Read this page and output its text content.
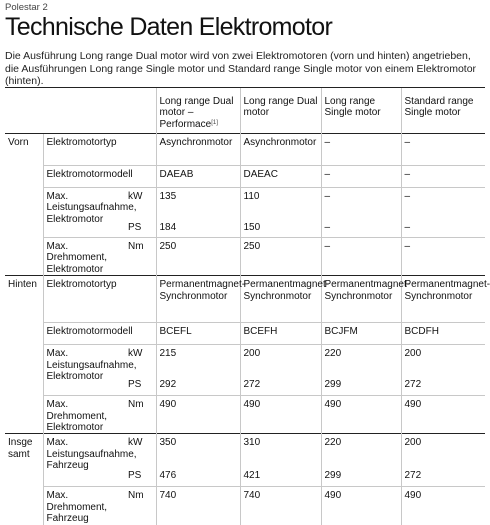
Polestar 2
Technische Daten Elektromotor

Die Ausführung Long range Dual motor wird von zwei Elektromotoren (vorn und hinten) angetrieben, die Ausführungen Long range Single motor und Standard range Single motor von einem Elektromotor (hinten).

			Long range Dual motor – Performace[1]	Long range Dual motor	Long range Single motor	Standard range Single motor
Vorn	Elektromotortyp		Asynchronmotor	Asynchronmotor	–	–
	Elektromotormodell		DAEAB	DAEAC	–	–
	Max. Leistungsaufnahme, Elektromotor	kW	135	110	–	–
		PS	184	150	–	–
	Max. Drehmoment, Elektromotor	Nm	250	250	–	–
Hinten	Elektromotortyp		Permanentmagnet-Synchronmotor	Permanentmagnet-Synchronmotor	Permanentmagnet-Synchronmotor	Permanentmagnet-Synchronmotor
	Elektromotormodell		BCEFL	BCEFH	BCJFM	BCDFH
	Max. Leistungsaufnahme, Elektromotor	kW	215	200	220	200
		PS	292	272	299	272
	Max. Drehmoment, Elektromotor	Nm	490	490	490	490
Insgesamt	Max. Leistungsaufnahme, Fahrzeug	kW	350	310	220	200
		PS	476	421	299	272
	Max. Drehmoment, Fahrzeug	Nm	740	740	490	490
